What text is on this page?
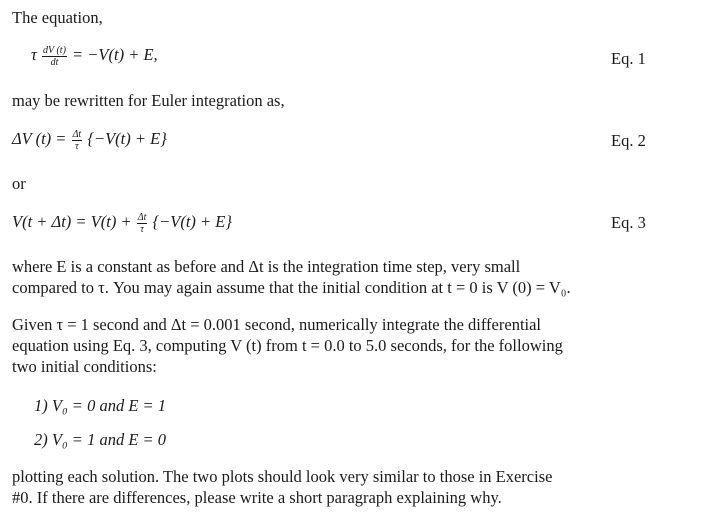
The equation,
τ $\frac{dV (t)}{dt} = -V(t) + E$,	Eq. 1
may be rewritten for Euler integration as,
ΔV $(t) = \frac{\Delta t}{\tau} \{-V(t) + E\}$	Eq. 2
or
$V(t + \Delta t) = V(t) + \frac{\Delta t}{\tau} \{-V(t) + E\}$	Eq. 3
where E is a constant as before and Δt is the integration time step, very small
compared to τ. You may again assume that the initial condition at t = 0 is V (0) = V₀.
Given τ = 1 second and Δt = 0.001 second, numerically integrate the differential
equation using Eq. 3, computing V (t) from t = 0.0 to 5.0 seconds, for the following
two initial conditions:
1) V₀ = 0 and E = 1
2) V₀ = 1 and E = 0
plotting each solution. The two plots should look very similar to those in Exercise
#0. If there are differences, please write a short paragraph explaining why.
